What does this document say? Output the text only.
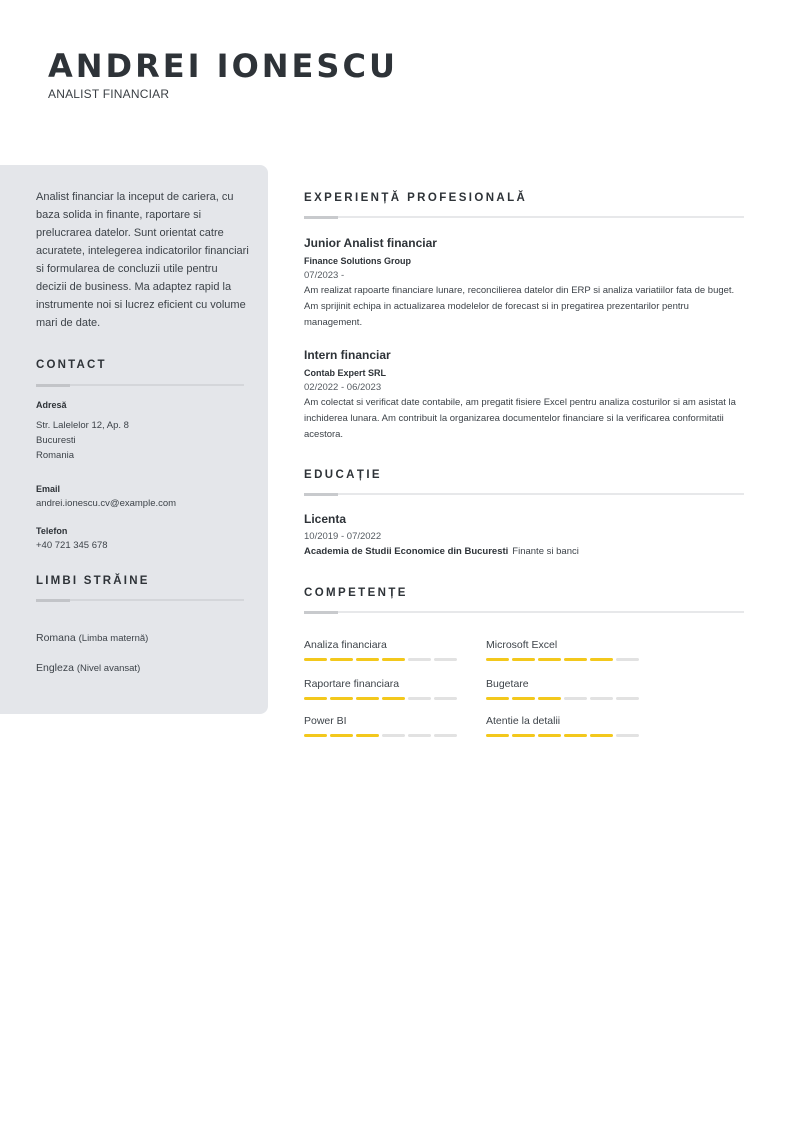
ANDREI IONESCU
ANALIST FINANCIAR
Analist financiar la inceput de cariera, cu baza solida in finante, raportare si prelucrarea datelor. Sunt orientat catre acuratete, intelegerea indicatorilor financiari si formularea de concluzii utile pentru decizii de business. Ma adaptez rapid la instrumente noi si lucrez eficient cu volume mari de date.
CONTACT
Adresă
Str. Lalelelor 12, Ap. 8
Bucuresti
Romania
Email
andrei.ionescu.cv@example.com
Telefon
+40 721 345 678
LIMBI STRĂINE
Romana (Limba maternă)
Engleza (Nivel avansat)
EXPERIENȚĂ PROFESIONALĂ
Junior Analist financiar
Finance Solutions Group
07/2023 -
Am realizat rapoarte financiare lunare, reconcilierea datelor din ERP si analiza variatiilor fata de buget. Am sprijinit echipa in actualizarea modelelor de forecast si in pregatirea prezentarilor pentru management.
Intern financiar
Contab Expert SRL
02/2022 - 06/2023
Am colectat si verificat date contabile, am pregatit fisiere Excel pentru analiza costurilor si am asistat la inchiderea lunara. Am contribuit la organizarea documentelor financiare si la verificarea conformitatii acestora.
EDUCAȚIE
Licenta
10/2019 - 07/2022
Academia de Studii Economice din Bucuresti Finante si banci
COMPETENȚE
Analiza financiara	Microsoft Excel
Raportare financiara	Bugetare
Power BI	Atentie la detalii
